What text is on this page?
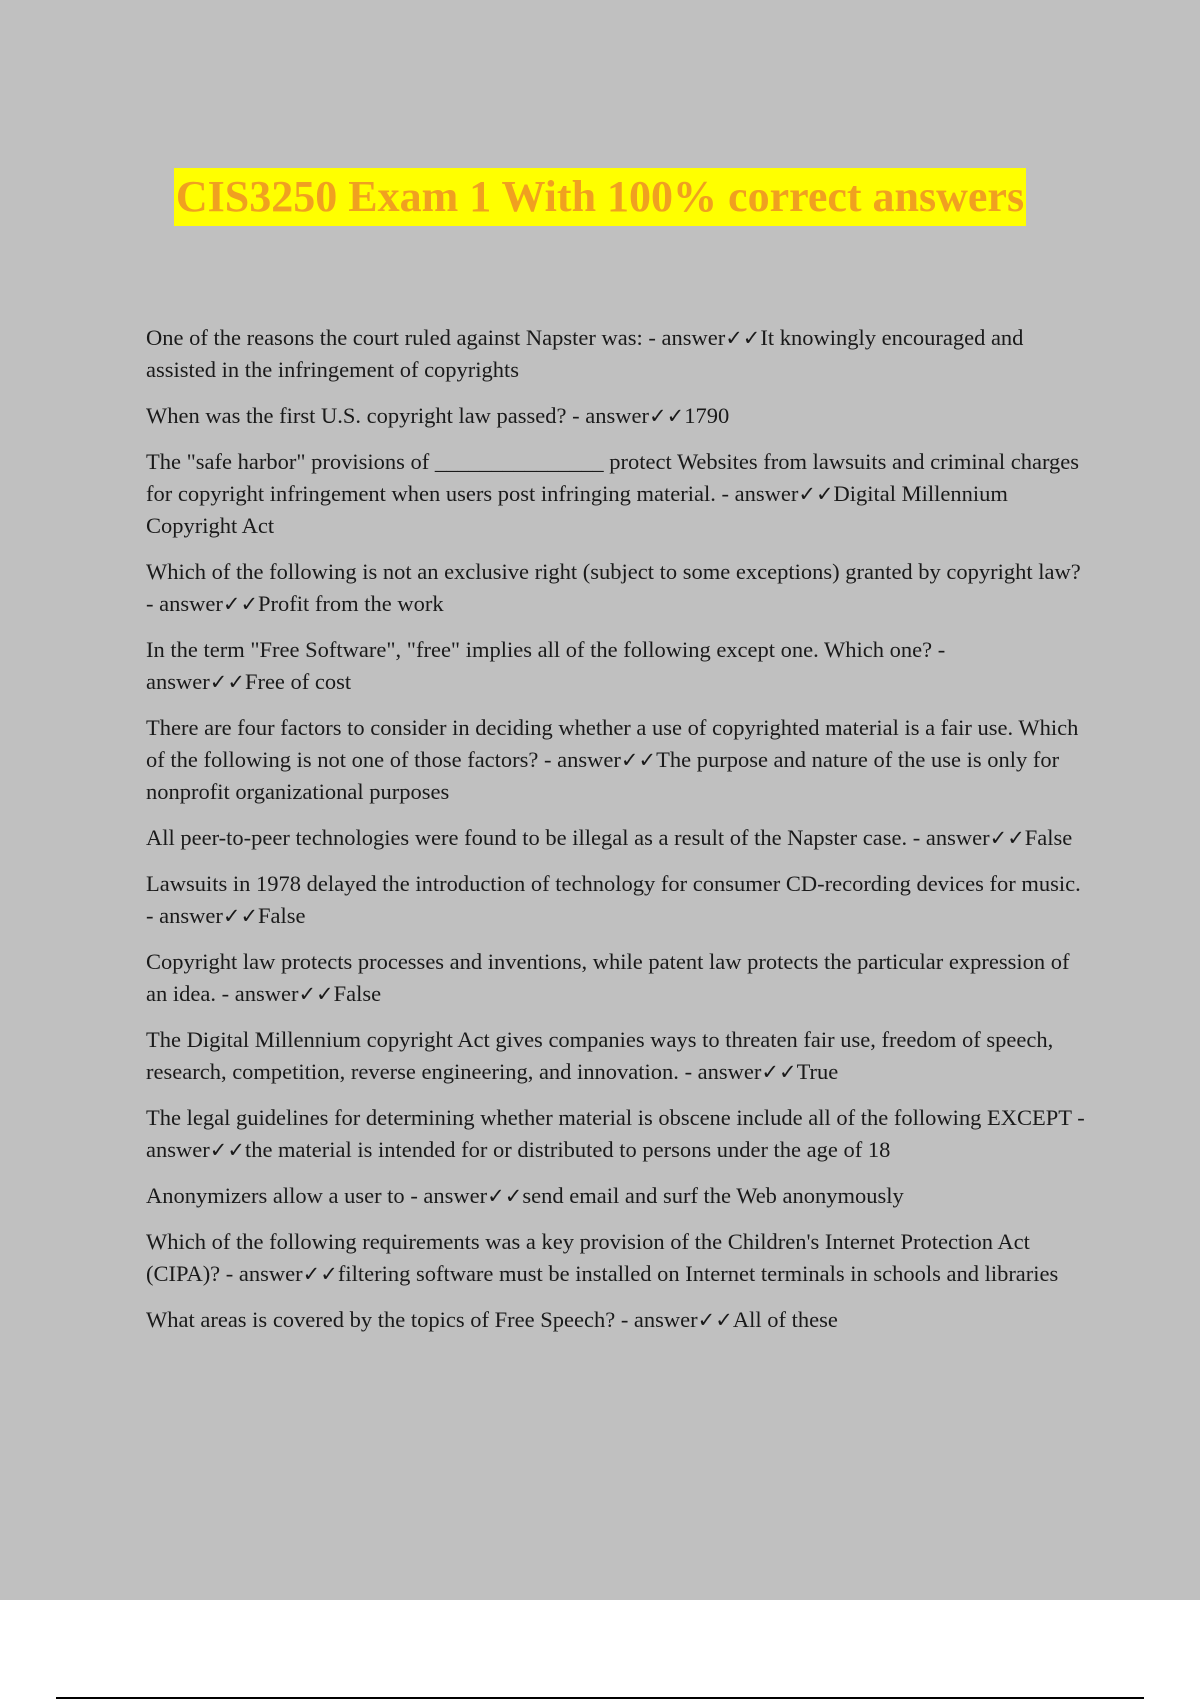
CIS3250 Exam 1 With 100% correct answers
One of the reasons the court ruled against Napster was: - answer✓✓It knowingly encouraged and assisted in the infringement of copyrights
When was the first U.S. copyright law passed? - answer✓✓1790
The "safe harbor" provisions of _______________ protect Websites from lawsuits and criminal charges for copyright infringement when users post infringing material. - answer✓✓Digital Millennium Copyright Act
Which of the following is not an exclusive right (subject to some exceptions) granted by copyright law? - answer✓✓Profit from the work
In the term "Free Software", "free" implies all of the following except one. Which one? - answer✓✓Free of cost
There are four factors to consider in deciding whether a use of copyrighted material is a fair use. Which of the following is not one of those factors? - answer✓✓The purpose and nature of the use is only for nonprofit organizational purposes
All peer-to-peer technologies were found to be illegal as a result of the Napster case. - answer✓✓False
Lawsuits in 1978 delayed the introduction of technology for consumer CD-recording devices for music. - answer✓✓False
Copyright law protects processes and inventions, while patent law protects the particular expression of an idea. - answer✓✓False
The Digital Millennium copyright Act gives companies ways to threaten fair use, freedom of speech, research, competition, reverse engineering, and innovation. - answer✓✓True
The legal guidelines for determining whether material is obscene include all of the following EXCEPT - answer✓✓the material is intended for or distributed to persons under the age of 18
Anonymizers allow a user to - answer✓✓send email and surf the Web anonymously
Which of the following requirements was a key provision of the Children's Internet Protection Act (CIPA)? - answer✓✓filtering software must be installed on Internet terminals in schools and libraries
What areas is covered by the topics of Free Speech? - answer✓✓All of these
